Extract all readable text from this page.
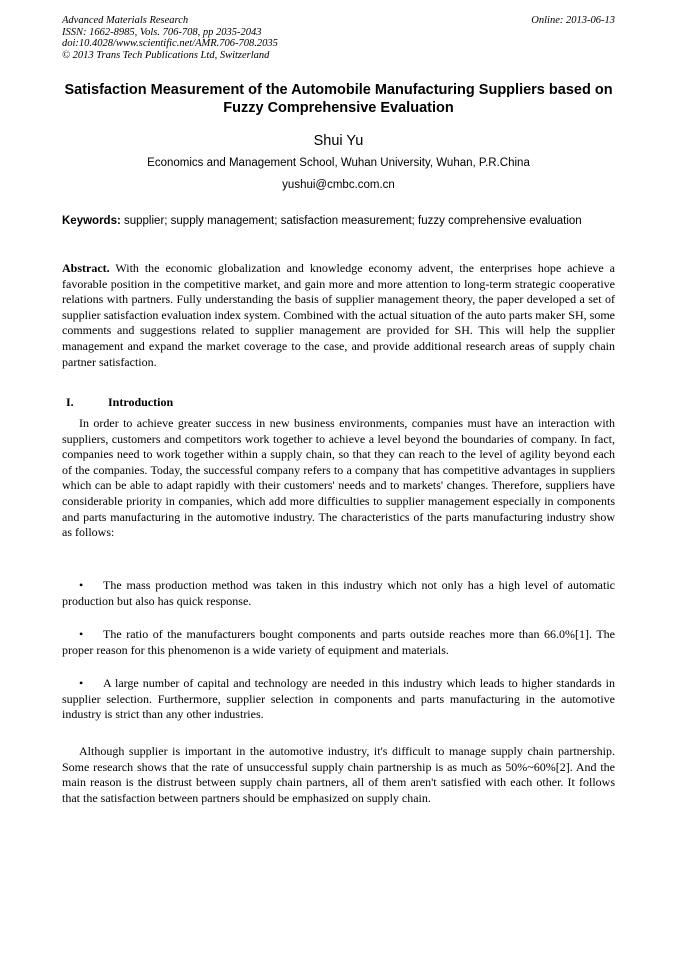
Advanced Materials Research
ISSN: 1662-8985, Vols. 706-708, pp 2035-2043
doi:10.4028/www.scientific.net/AMR.706-708.2035
© 2013 Trans Tech Publications Ltd, Switzerland
Online: 2013-06-13
Satisfaction Measurement of the Automobile Manufacturing Suppliers based on Fuzzy Comprehensive Evaluation
Shui Yu
Economics and Management School, Wuhan University, Wuhan, P.R.China
yushui@cmbc.com.cn
Keywords: supplier; supply management; satisfaction measurement; fuzzy comprehensive evaluation
Abstract. With the economic globalization and knowledge economy advent, the enterprises hope achieve a favorable position in the competitive market, and gain more and more attention to long-term strategic cooperative relations with partners. Fully understanding the basis of supplier management theory, the paper developed a set of supplier satisfaction evaluation index system. Combined with the actual situation of the auto parts maker SH, some comments and suggestions related to supplier management are provided for SH. This will help the supplier management and expand the market coverage to the case, and provide additional research areas of supply chain partner satisfaction.
I.	Introduction
In order to achieve greater success in new business environments, companies must have an interaction with suppliers, customers and competitors work together to achieve a level beyond the boundaries of company. In fact, companies need to work together within a supply chain, so that they can reach to the level of agility beyond each of the companies. Today, the successful company refers to a company that has competitive advantages in suppliers which can be able to adapt rapidly with their customers' needs and to markets' changes. Therefore, suppliers have considerable priority in companies, which add more difficulties to supplier management especially in components and parts manufacturing in the automotive industry. The characteristics of the parts manufacturing industry show as follows:
• The mass production method was taken in this industry which not only has a high level of automatic production but also has quick response.
• The ratio of the manufacturers bought components and parts outside reaches more than 66.0%[1]. The proper reason for this phenomenon is a wide variety of equipment and materials.
• A large number of capital and technology are needed in this industry which leads to higher standards in supplier selection. Furthermore, supplier selection in components and parts manufacturing in the automotive industry is strict than any other industries.
Although supplier is important in the automotive industry, it's difficult to manage supply chain partnership. Some research shows that the rate of unsuccessful supply chain partnership is as much as 50%~60%[2]. And the main reason is the distrust between supply chain partners, all of them aren't satisfied with each other. It follows that the satisfaction between partners should be emphasized on supply chain.
